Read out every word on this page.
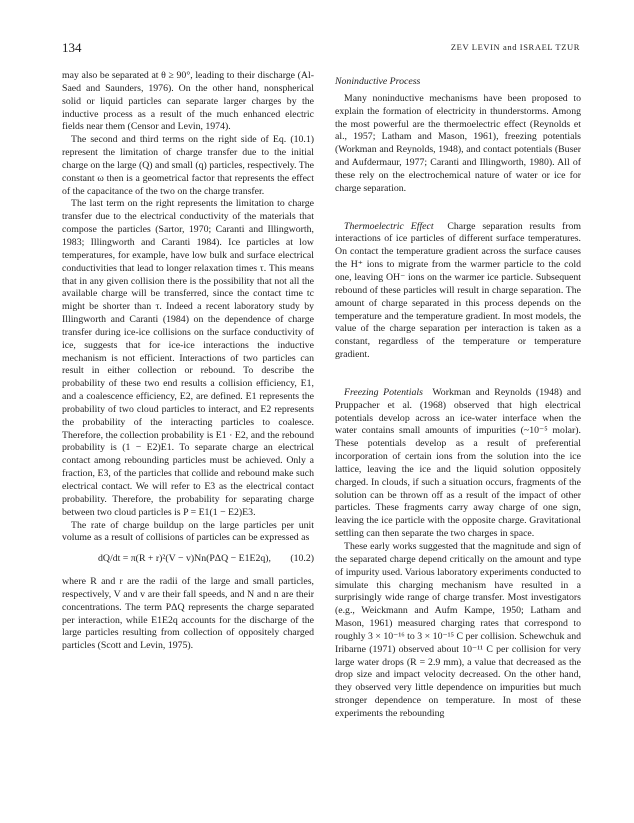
134	ZEV LEVIN and ISRAEL TZUR

may also be separated at θ ≥ 90°, leading to their discharge (Al-Saed and Saunders, 1976). On the other hand, nonspherical solid or liquid particles can separate larger charges by the inductive process as a result of the much enhanced electric fields near them (Censor and Levin, 1974).

The second and third terms on the right side of Eq. (10.1) represent the limitation of charge transfer due to the initial charge on the large (Q) and small (q) particles, respectively. The constant ω then is a geometrical factor that represents the effect of the capacitance of the two on the charge transfer.

The last term on the right represents the limitation to charge transfer due to the electrical conductivity of the materials that compose the particles (Sartor, 1970; Caranti and Illingworth, 1983; Illingworth and Caranti 1984). Ice particles at low temperatures, for example, have low bulk and surface electrical conductivities that lead to longer relaxation times τ. This means that in any given collision there is the possibility that not all the available charge will be transferred, since the contact time tc might be shorter than τ. Indeed a recent laboratory study by Illingworth and Caranti (1984) on the dependence of charge transfer during ice-ice collisions on the surface conductivity of ice, suggests that for ice-ice interactions the inductive mechanism is not efficient. Interactions of two particles can result in either collection or rebound. To describe the probability of these two end results a collision efficiency, E1, and a coalescence efficiency, E2, are defined. E1 represents the probability of two cloud particles to interact, and E2 represents the probability of the interacting particles to coalesce. Therefore, the collection probability is E1 · E2, and the rebound probability is (1 − E2)E1. To separate charge an electrical contact among rebounding particles must be achieved. Only a fraction, E3, of the particles that collide and rebound make such electrical contact. We will refer to E3 as the electrical contact probability. Therefore, the probability for separating charge between two cloud particles is P = E1(1 − E2)E3.

The rate of charge buildup on the large particles per unit volume as a result of collisions of particles can be expressed as

dQ/dt = π(R + r)²(V − v)Nn(PΔQ − E1E2q), (10.2)

where R and r are the radii of the large and small particles, respectively, V and v are their fall speeds, and N and n are their concentrations. The term PΔQ represents the charge separated per interaction, while E1E2q accounts for the discharge of the large particles resulting from collection of oppositely charged particles (Scott and Levin, 1975).

Noninductive Process

Many noninductive mechanisms have been proposed to explain the formation of electricity in thunderstorms. Among the most powerful are the thermoelectric effect (Reynolds et al., 1957; Latham and Mason, 1961), freezing potentials (Workman and Reynolds, 1948), and contact potentials (Buser and Aufdermaur, 1977; Caranti and Illingworth, 1980). All of these rely on the electrochemical nature of water or ice for charge separation.

Thermoelectric Effect Charge separation results from interactions of ice particles of different surface temperatures. On contact the temperature gradient across the surface causes the H⁺ ions to migrate from the warmer particle to the cold one, leaving OH⁻ ions on the warmer ice particle. Subsequent rebound of these particles will result in charge separation. The amount of charge separated in this process depends on the temperature and the temperature gradient. In most models, the value of the charge separation per interaction is taken as a constant, regardless of the temperature or temperature gradient.

Freezing Potentials Workman and Reynolds (1948) and Pruppacher et al. (1968) observed that high electrical potentials develop across an ice-water interface when the water contains small amounts of impurities (~10⁻⁵ molar). These potentials develop as a result of preferential incorporation of certain ions from the solution into the ice lattice, leaving the ice and the liquid solution oppositely charged. In clouds, if such a situation occurs, fragments of the solution can be thrown off as a result of the impact of other particles. These fragments carry away charge of one sign, leaving the ice particle with the opposite charge. Gravitational settling can then separate the two charges in space.

These early works suggested that the magnitude and sign of the separated charge depend critically on the amount and type of impurity used. Various laboratory experiments conducted to simulate this charging mechanism have resulted in a surprisingly wide range of charge transfer. Most investigators (e.g., Weickmann and Aufm Kampe, 1950; Latham and Mason, 1961) measured charging rates that correspond to roughly 3 × 10⁻¹⁶ to 3 × 10⁻¹⁵ C per collision. Schewchuk and Iribarne (1971) observed about 10⁻¹¹ C per collision for very large water drops (R = 2.9 mm), a value that decreased as the drop size and impact velocity decreased. On the other hand, they observed very little dependence on impurities but much stronger dependence on temperature. In most of these experiments the rebounding
